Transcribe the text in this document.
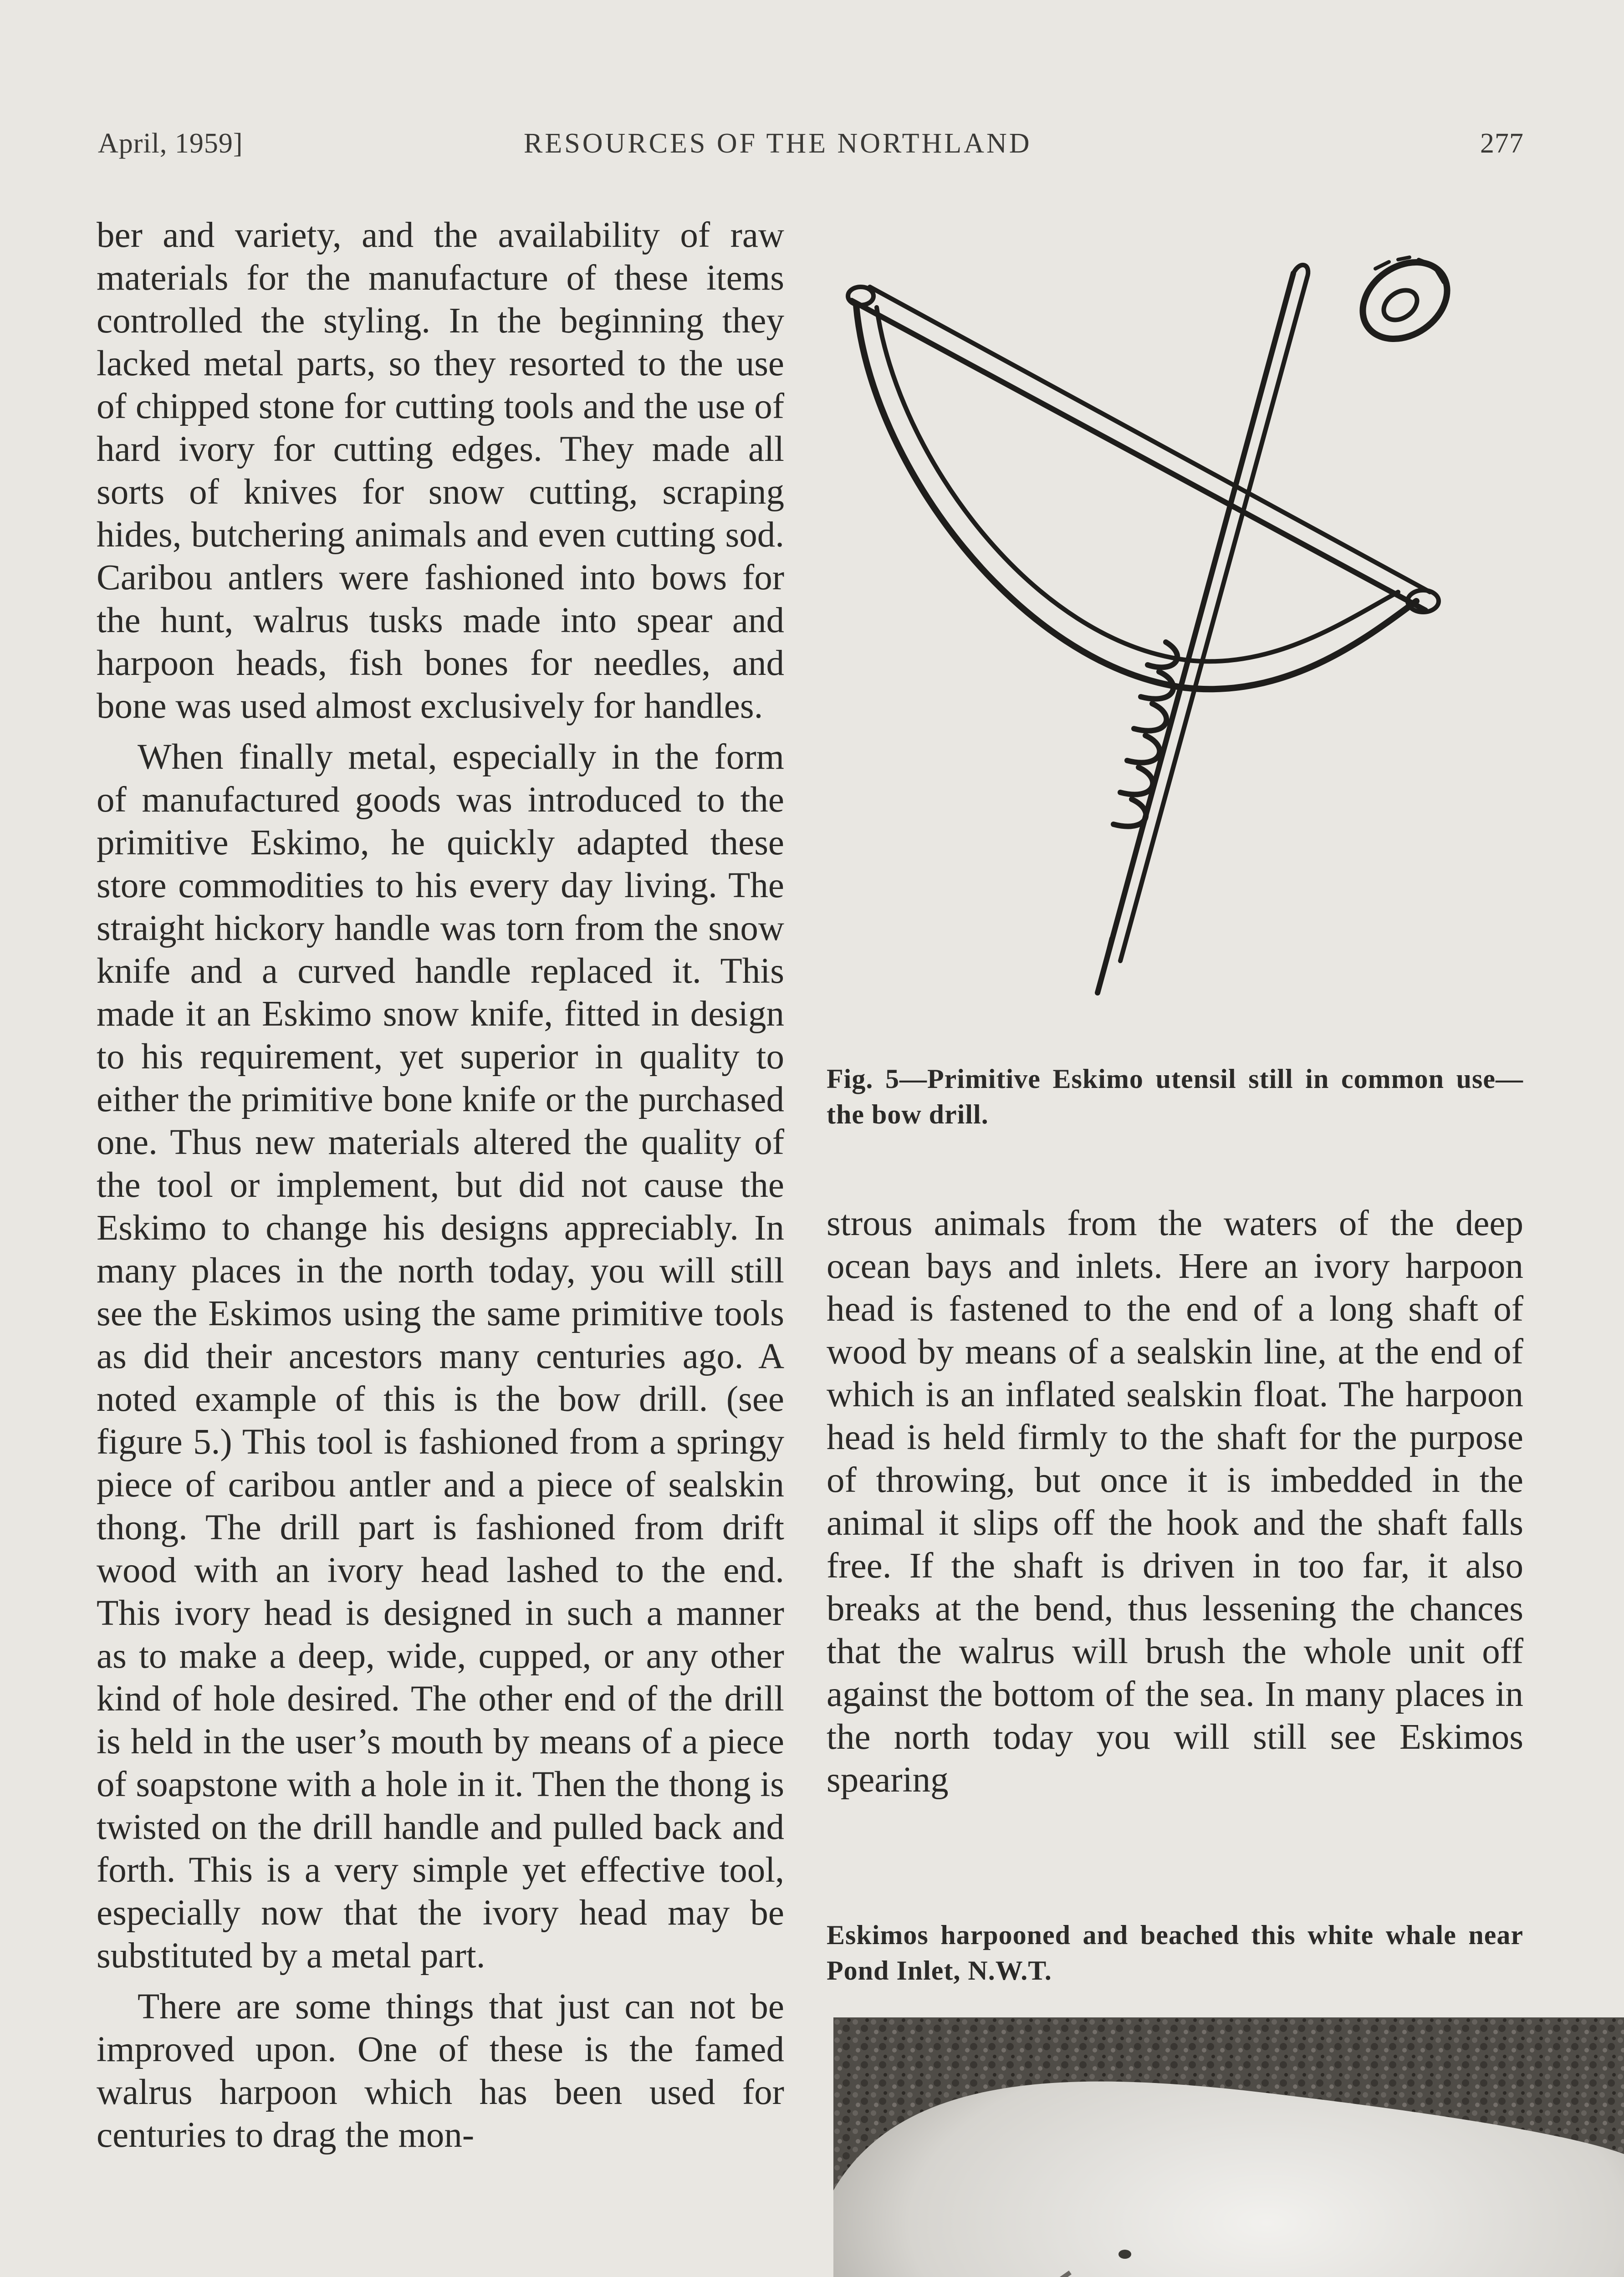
April, 1959]	RESOURCES OF THE NORTHLAND	277

ber and variety, and the availability of raw materials for the manufacture of these items controlled the styling. In the beginning they lacked metal parts, so they resorted to the use of chipped stone for cutting tools and the use of hard ivory for cutting edges. They made all sorts of knives for snow cutting, scraping hides, butchering animals and even cutting sod. Caribou antlers were fashioned into bows for the hunt, walrus tusks made into spear and harpoon heads, fish bones for needles, and bone was used almost exclusively for handles.

When finally metal, especially in the form of manufactured goods was introduced to the primitive Eskimo, he quickly adapted these store commodities to his every day living. The straight hickory handle was torn from the snow knife and a curved handle replaced it. This made it an Eskimo snow knife, fitted in design to his requirement, yet superior in quality to either the primitive bone knife or the purchased one. Thus new materials altered the quality of the tool or implement, but did not cause the Eskimo to change his designs appreciably. In many places in the north today, you will still see the Eskimos using the same primitive tools as did their ancestors many centuries ago. A noted example of this is the bow drill. (see figure 5.) This tool is fashioned from a springy piece of caribou antler and a piece of sealskin thong. The drill part is fashioned from drift wood with an ivory head lashed to the end. This ivory head is designed in such a manner as to make a deep, wide, cupped, or any other kind of hole desired. The other end of the drill is held in the user’s mouth by means of a piece of soapstone with a hole in it. Then the thong is twisted on the drill handle and pulled back and forth. This is a very simple yet effective tool, especially now that the ivory head may be substituted by a metal part.

There are some things that just can not be improved upon. One of these is the famed walrus harpoon which has been used for centuries to drag the mon-

Fig. 5—Primitive Eskimo utensil still in common use—the bow drill.
strous animals from the waters of the deep ocean bays and inlets. Here an ivory harpoon head is fastened to the end of a long shaft of wood by means of a sealskin line, at the end of which is an inflated sealskin float. The harpoon head is held firmly to the shaft for the purpose of throwing, but once it is imbedded in the animal it slips off the hook and the shaft falls free. If the shaft is driven in too far, it also breaks at the bend, thus lessening the chances that the walrus will brush the whole unit off against the bottom of the sea. In many places in the north today you will still see Eskimos spearing
Eskimos harpooned and beached this white whale near Pond Inlet, N.W.T.
